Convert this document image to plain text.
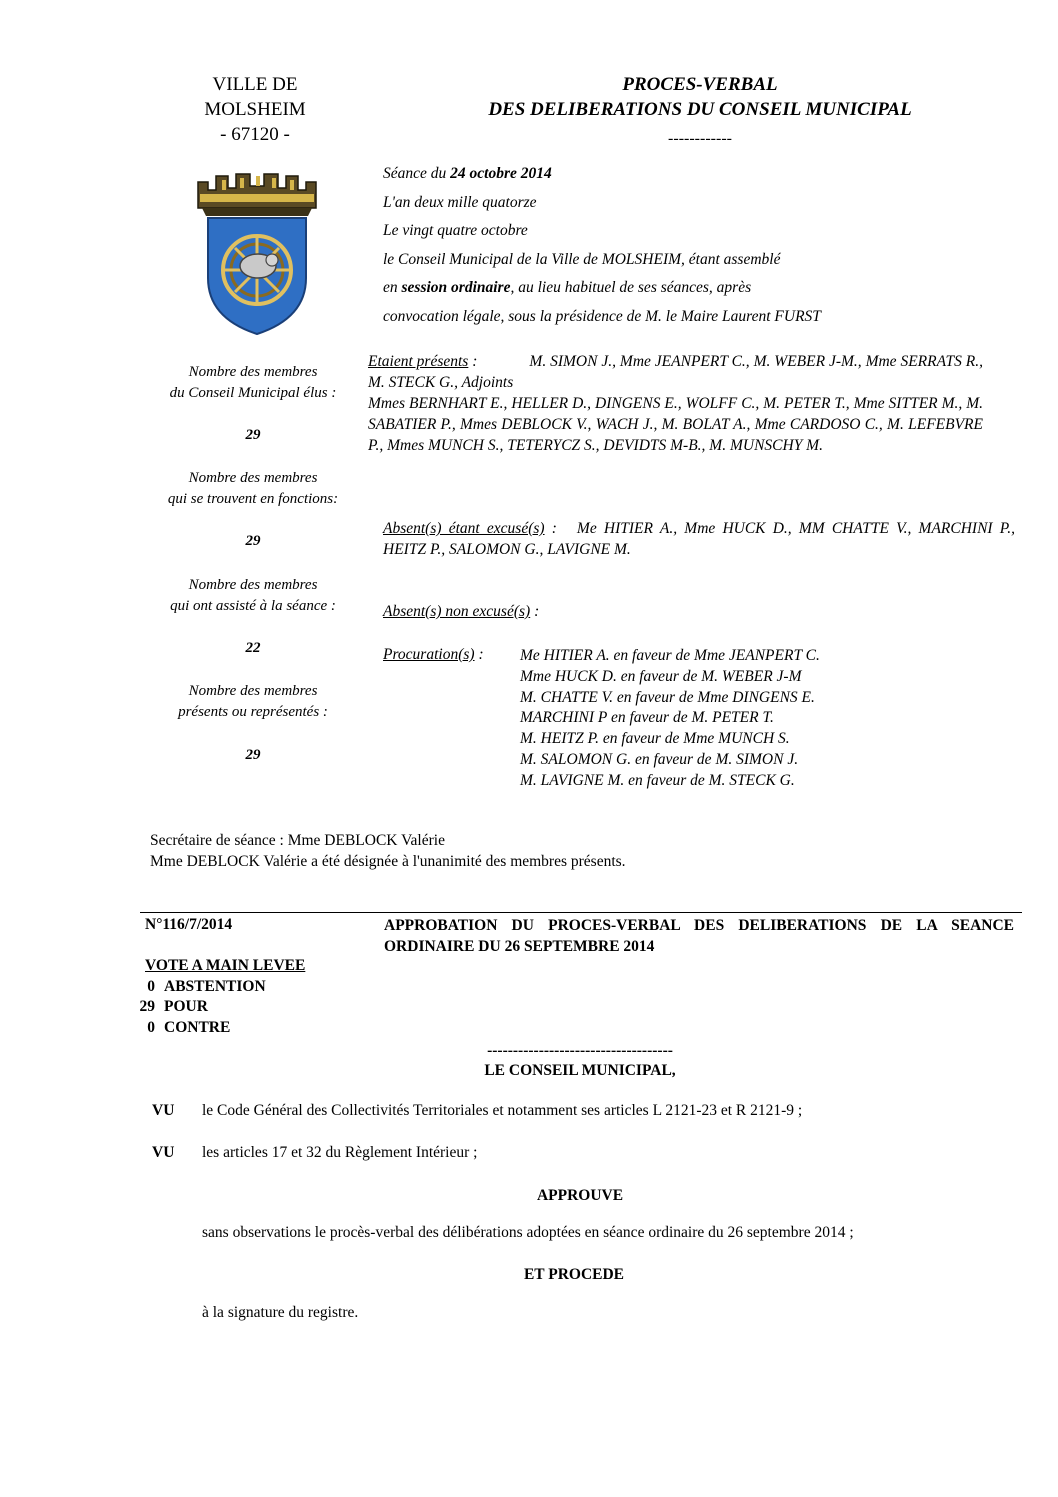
VILLE DE
MOLSHEIM
- 67120 -
PROCES-VERBAL
DES DELIBERATIONS DU CONSEIL MUNICIPAL
------------
Séance du 24 octobre 2014
L'an deux mille quatorze
Le vingt quatre octobre
le Conseil Municipal de la Ville de MOLSHEIM, étant assemblé
en session ordinaire, au lieu habituel de ses séances, après
convocation légale, sous la présidence de M. le Maire Laurent FURST
Nombre des membres
du Conseil Municipal élus :
29
Nombre des membres
qui se trouvent en fonctions:
29
Nombre des membres
qui ont assisté à la séance :
22
Nombre des membres
présents ou représentés :
29
Etaient présents :	M. SIMON J., Mme JEANPERT C., M. WEBER J-M., Mme SERRATS R., M. STECK G., Adjoints
Mmes BERNHART E., HELLER D., DINGENS E., WOLFF C., M. PETER T., Mme SITTER M., M. SABATIER P., Mmes DEBLOCK V., WACH J., M. BOLAT A., Mme CARDOSO C., M. LEFEBVRE P., Mmes MUNCH S., TETERYCZ S., DEVIDTS M-B., M. MUNSCHY M.
Absent(s) étant excusé(s) : Me HITIER A., Mme HUCK D., MM CHATTE V., MARCHINI P., HEITZ P., SALOMON G., LAVIGNE M.
Absent(s) non excusé(s) :
Procuration(s) : Me HITIER A. en faveur de Mme JEANPERT C.
Mme HUCK D. en faveur de M. WEBER J-M
M. CHATTE V. en faveur de Mme DINGENS E.
MARCHINI P en faveur de M. PETER T.
M. HEITZ P. en faveur de Mme MUNCH S.
M. SALOMON G. en faveur de M. SIMON J.
M. LAVIGNE M. en faveur de M. STECK G.
Secrétaire de séance : Mme DEBLOCK Valérie
Mme DEBLOCK Valérie a été désignée à l'unanimité des membres présents.
N°116/7/2014	APPROBATION DU PROCES-VERBAL DES DELIBERATIONS DE LA SEANCE ORDINAIRE DU 26 SEPTEMBRE 2014
VOTE A MAIN LEVEE
0 ABSTENTION
29 POUR
0 CONTRE
------------------------------------
LE CONSEIL MUNICIPAL,
VU le Code Général des Collectivités Territoriales et notamment ses articles L 2121-23 et R 2121-9 ;
VU les articles 17 et 32 du Règlement Intérieur ;
APPROUVE
sans observations le procès-verbal des délibérations adoptées en séance ordinaire du 26 septembre 2014 ;
ET PROCEDE
à la signature du registre.
